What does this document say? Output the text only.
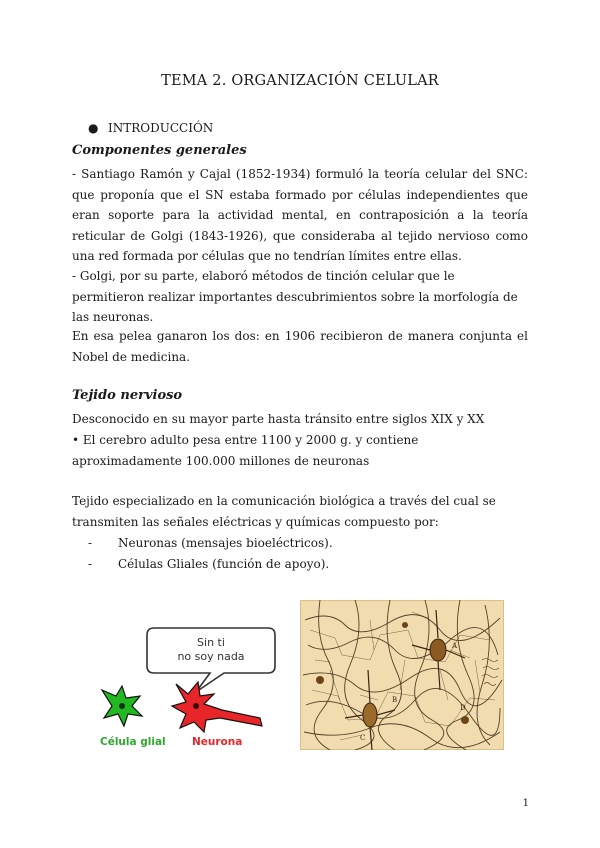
TEMA 2. ORGANIZACIÓN CELULAR
● INTRODUCCIÓN
Componentes generales
- Santiago Ramón y Cajal (1852-1934) formuló la teoría celular del SNC: que proponía que el SN estaba formado por células independientes que eran soporte para la actividad mental, en contraposición a la teoría reticular de Golgi (1843-1926), que consideraba al tejido nervioso como una red formada por células que no tendrían límites entre ellas.
- Golgi, por su parte, elaboró métodos de tinción celular que le permitieron realizar importantes descubrimientos sobre la morfología de las neuronas.
En esa pelea ganaron los dos: en 1906 recibieron de manera conjunta el Nobel de medicina.
Tejido nervioso
Desconocido en su mayor parte hasta tránsito entre siglos XIX y XX
• El cerebro adulto pesa entre 1100 y 2000 g. y contiene aproximadamente 100.000 millones de neuronas
Tejido especializado en la comunicación biológica a través del cual se transmiten las señales eléctricas y químicas compuesto por:
- Neuronas (mensajes bioeléctricos).
- Células Gliales (función de apoyo).
Sin ti
no soy nada
Célula glial	Neurona
A
B
C
D
1
